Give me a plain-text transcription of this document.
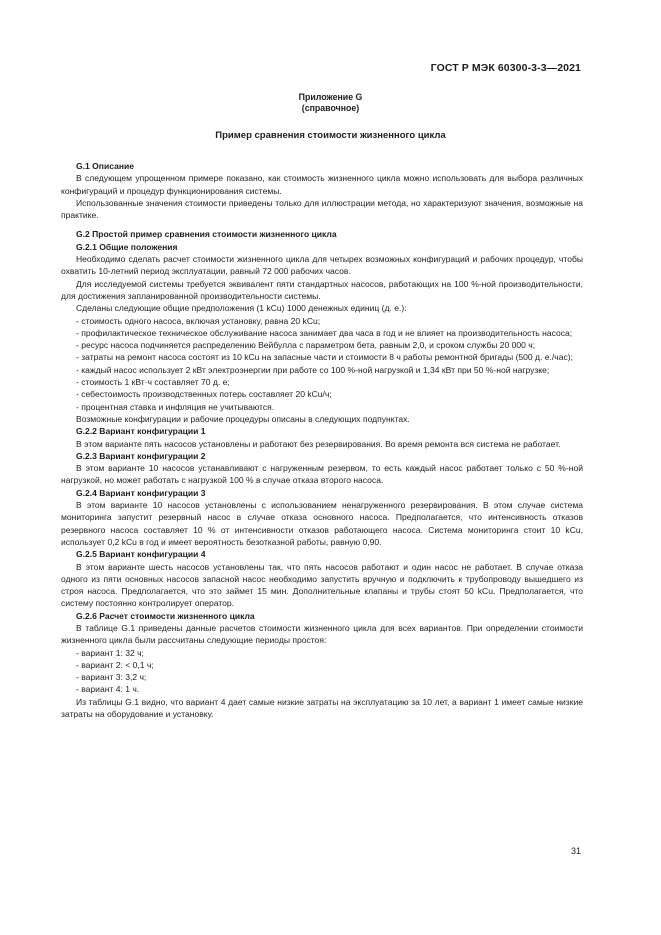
ГОСТ Р МЭК 60300-3-3—2021
Приложение G
(справочное)
Пример сравнения стоимости жизненного цикла

G.1 Описание

В следующем упрощенном примере показано, как стоимость жизненного цикла можно использовать для выбора различных конфигураций и процедур функционирования системы.

Использованные значения стоимости приведены только для иллюстрации метода, но характеризуют значения, возможные на практике.

G.2 Простой пример сравнения стоимости жизненного цикла

G.2.1 Общие положения

Необходимо сделать расчет стоимости жизненного цикла для четырех возможных конфигураций и рабочих процедур, чтобы охватить 10-летний период эксплуатации, равный 72 000 рабочих часов.

Для исследуемой системы требуется эквивалент пяти стандартных насосов, работающих на 100 %-ной производительности, для достижения запланированной производительности системы.

Сделаны следующие общие предположения (1 kCu) 1000 денежных единиц (д. е.):

- стоимость одного насоса, включая установку, равна 20 kCu;

- профилактическое техническое обслуживание насоса занимает два часа в год и не влияет на производительность насоса;

- ресурс насоса подчиняется распределению Вейбулла с параметром бета, равным 2,0, и сроком службы 20 000 ч;

- затраты на ремонт насоса состоят из 10 kCu на запасные части и стоимости 8 ч работы ремонтной бригады (500 д. е./час);

- каждый насос использует 2 кВт электроэнергии при работе со 100 %-ной нагрузкой и 1,34 кВт при 50 %-ной нагрузке;

- стоимость 1 кВт·ч составляет 70 д. е;

- себестоимость производственных потерь составляет 20 kCu/ч;

- процентная ставка и инфляция не учитываются.

Возможные конфигурации и рабочие процедуры описаны в следующих подпунктах.

G.2.2 Вариант конфигурации 1

В этом варианте пять насосов установлены и работают без резервирования. Во время ремонта вся система не работает.

G.2.3 Вариант конфигурации 2

В этом варианте 10 насосов устанавливают с нагруженным резервом, то есть каждый насос работает только с 50 %-ной нагрузкой, но может работать с нагрузкой 100 % в случае отказа второго насоса.

G.2.4 Вариант конфигурации 3

В этом варианте 10 насосов установлены с использованием ненагруженного резервирования. В этом случае система мониторинга запустит резервный насос в случае отказа основного насоса. Предполагается, что интенсивность отказов резервного насоса составляет 10 % от интенсивности отказов работающего насоса. Система мониторинга стоит 10 kCu, использует 0,2 kCu в год и имеет вероятность безотказной работы, равную 0,90.

G.2.5 Вариант конфигурации 4

В этом варианте шесть насосов установлены так, что пять насосов работают и один насос не работает. В случае отказа одного из пяти основных насосов запасной насос необходимо запустить вручную и подключить к трубопроводу вышедшего из строя насоса. Предполагается, что это займет 15 мин. Дополнительные клапаны и трубы стоят 50 kCu. Предполагается, что систему постоянно контролирует оператор.

G.2.6 Расчет стоимости жизненного цикла

В таблице G.1 приведены данные расчетов стоимости жизненного цикла для всех вариантов. При определении стоимости жизненного цикла были рассчитаны следующие периоды простоя:

- вариант 1: 32 ч;

- вариант 2: < 0,1 ч;

- вариант 3: 3,2 ч;

- вариант 4: 1 ч.

Из таблицы G.1 видно, что вариант 4 дает самые низкие затраты на эксплуатацию за 10 лет, а вариант 1 имеет самые низкие затраты на оборудование и установку.

31
